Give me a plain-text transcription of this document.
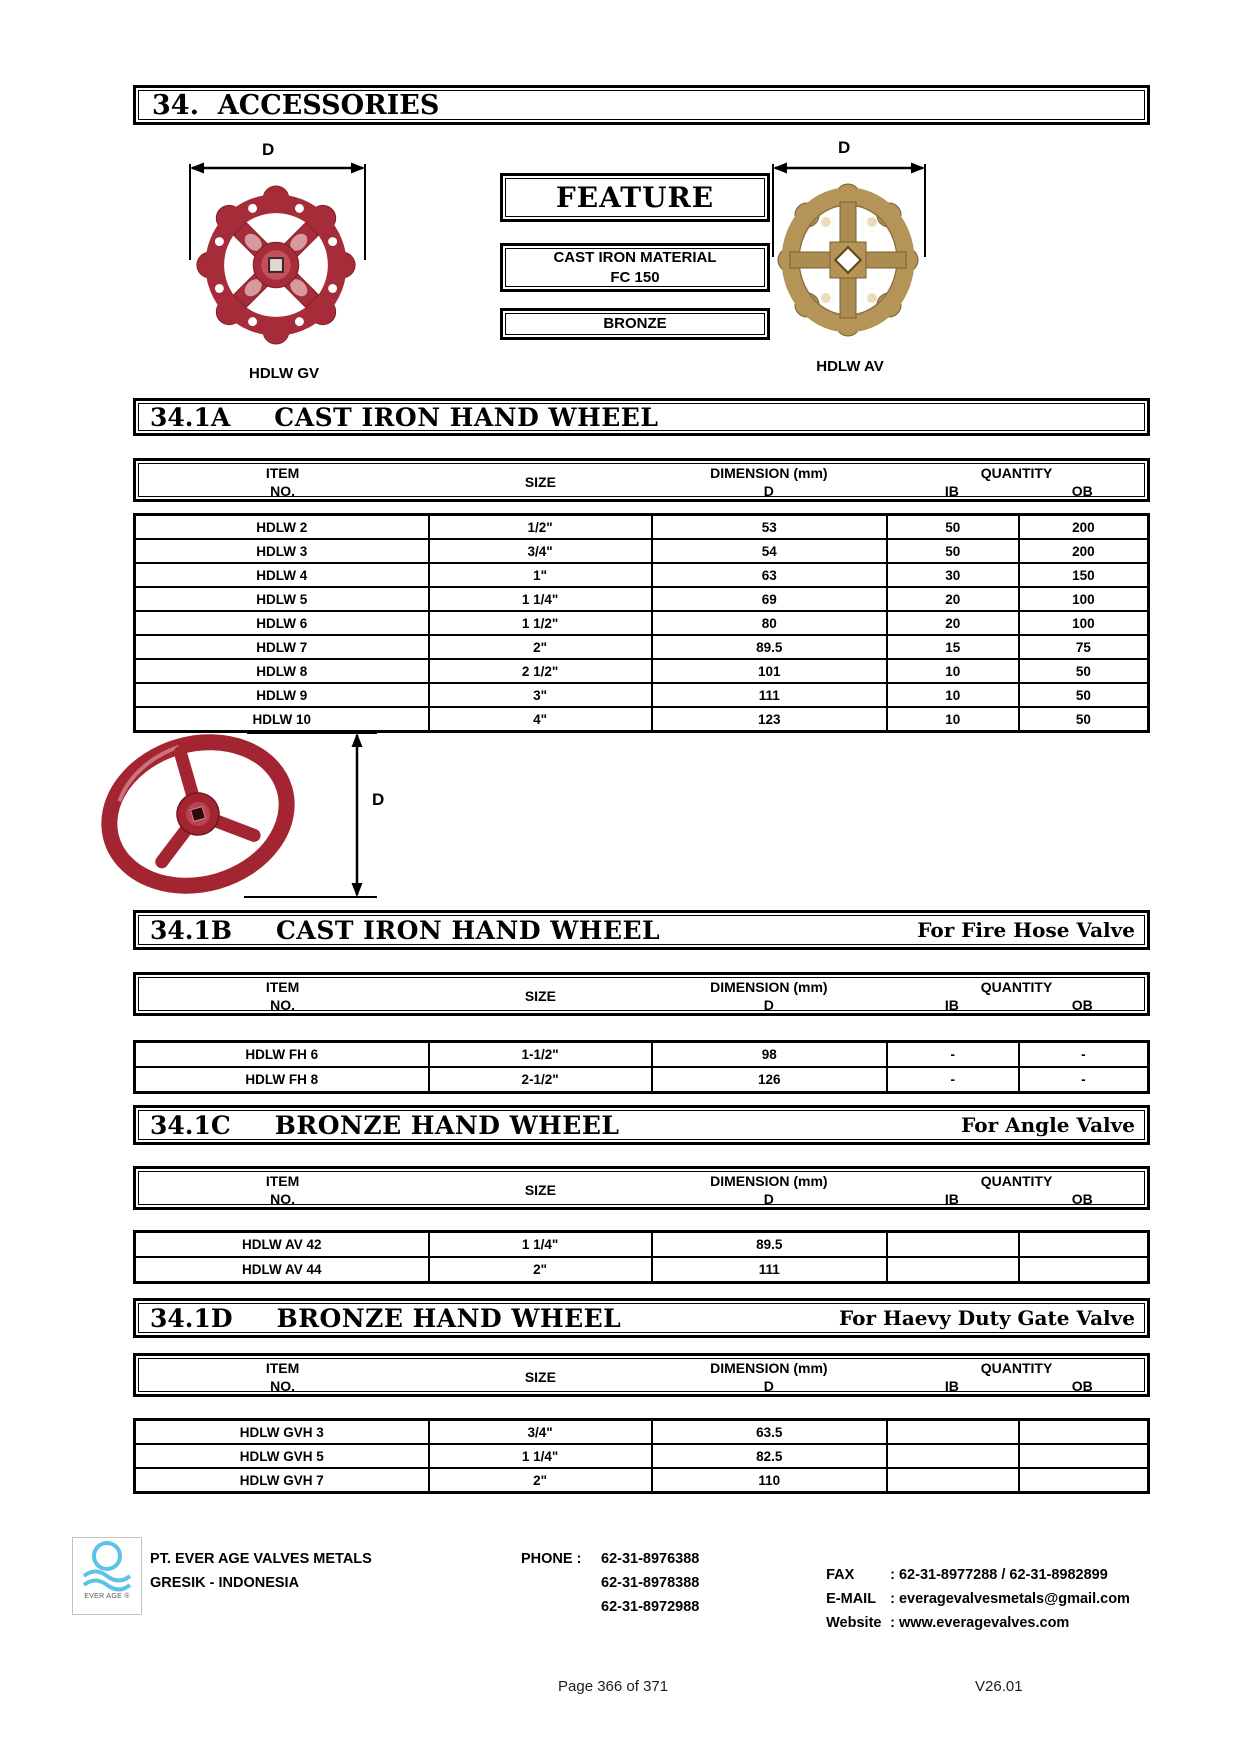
34.  ACCESSORIES
D
HDLW GV
FEATURE
CAST IRON MATERIAL
FC 150
BRONZE
D
HDLW AV
34.1A CAST IRON HAND WHEEL
ITEM
NO.
SIZE
DIMENSION (mm)
D
QUANTITY
IB	OB
HDLW 2	1/2"	53	50	200
HDLW 3	3/4"	54	50	200
HDLW 4	1"	63	30	150
HDLW 5	1 1/4"	69	20	100
HDLW 6	1 1/2"	80	20	100
HDLW 7	2"	89.5	15	75
HDLW 8	2 1/2"	101	10	50
HDLW 9	3"	111	10	50
HDLW 10	4"	123	10	50
D
34.1B CAST IRON HAND WHEEL	For Fire Hose Valve
ITEM
NO.
SIZE
DIMENSION (mm)
D
QUANTITY
IB	OB
HDLW FH 6	1-1/2"	98	-	-
HDLW FH 8	2-1/2"	126	-	-
34.1C BRONZE HAND WHEEL	For Angle Valve
ITEM
NO.
SIZE
DIMENSION (mm)
D
QUANTITY
IB	OB
HDLW AV 42	1 1/4"	89.5		
HDLW AV 44	2"	111		
34.1D BRONZE HAND WHEEL	For Haevy Duty Gate Valve
ITEM
NO.
SIZE
DIMENSION (mm)
D
QUANTITY
IB	OB
HDLW GVH 3	3/4"	63.5		
HDLW GVH 5	1 1/4"	82.5		
HDLW GVH 7	2"	110		
EVER AGE ®
PT. EVER AGE VALVES METALS
GRESIK - INDONESIA
PHONE : 62-31-8976388
62-31-8978388
62-31-8972988

FAX : 62-31-8977288 / 62-31-8982899

E-MAIL : everagevalvesmetals@gmail.com

Website : www.everagevalves.com

Page 366 of 371	V26.01
